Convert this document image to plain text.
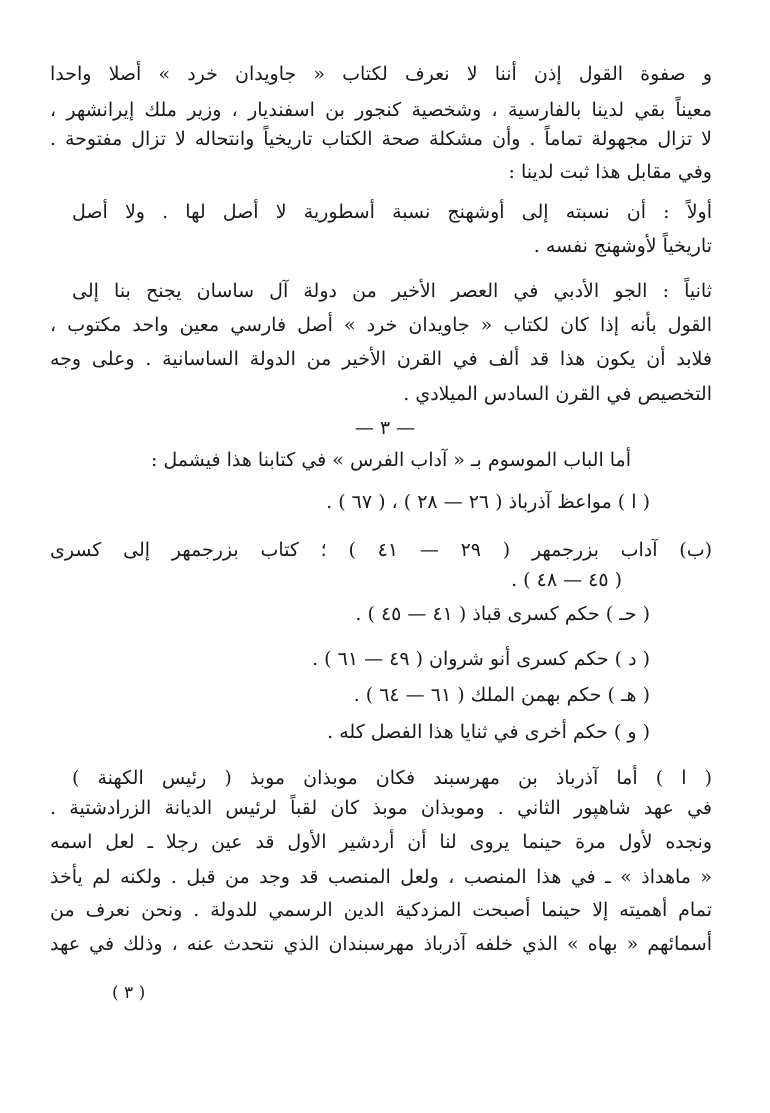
و صفوة القول إذن أننا لا نعرف لكتاب « جاويدان خرد » أصلا واحدا
معيناً بقي لدينا بالفارسية ، وشخصية كنجور بن اسفنديار ، وزير ملك إيرانشهر ،
لا تزال مجهولة تماماً . وأن مشكلة صحة الكتاب تاريخياً وانتحاله لا تزال مفتوحة .
وفي مقابل هذا ثبت لدينا :
أولاً : أن نسبته إلى أوشهنج نسبة أسطورية لا أصل لها . ولا أصل
تاريخياً لأوشهنج نفسه .
ثانياً : الجو الأدبي في العصر الأخير من دولة آل ساسان يجنح بنا إلى
القول بأنه إذا كان لكتاب « جاويدان خرد » أصل فارسي معين واحد مكتوب ،
فلابد أن يكون هذا قد ألف في القرن الأخير من الدولة الساسانية . وعلى وجه
التخصيص في القرن السادس الميلادي .
— ٣ —
أما الباب الموسوم بـ « آداب الفرس » في كتابنا هذا فيشمل :
( ا ) مواعظ آذرباذ ( ٢٦ — ٢٨ ) ، ( ٦٧ ) .
(ب) آداب بزرجمهر ( ٢٩ — ٤١ ) ؛ كتاب بزرجمهر إلى كسرى
( ٤٥ — ٤٨ ) .
( حـ ) حكم كسرى قباذ ( ٤١ — ٤٥ ) .
( د ) حكم كسرى أنو شروان ( ٤٩ — ٦١ ) .
( هـ ) حكم بهمن الملك ( ٦١ — ٦٤ ) .
( و ) حكم أخرى في ثنايا هذا الفصل كله .
( ا ) أما آذرباذ بن مهرسبند فكان موبذان موبذ ( رئيس الكهنة )
في عهد شاهپور الثاني . وموبذان موبذ كان لقباً لرئيس الديانة الزرادشتية .
ونجده لأول مرة حينما يروى لنا أن أردشير الأول قد عين رجلا ـ لعل اسمه
« ماهداذ » ـ في هذا المنصب ، ولعل المنصب قد وجد من قبل . ولكنه لم يأخذ
تمام أهميته إلا حينما أصبحت المزدكية الدين الرسمي للدولة . ونحن نعرف من
أسمائهم « بهاه » الذي خلفه آذرباذ مهرسبندان الذي نتحدث عنه ، وذلك في عهد
( ٣ )
